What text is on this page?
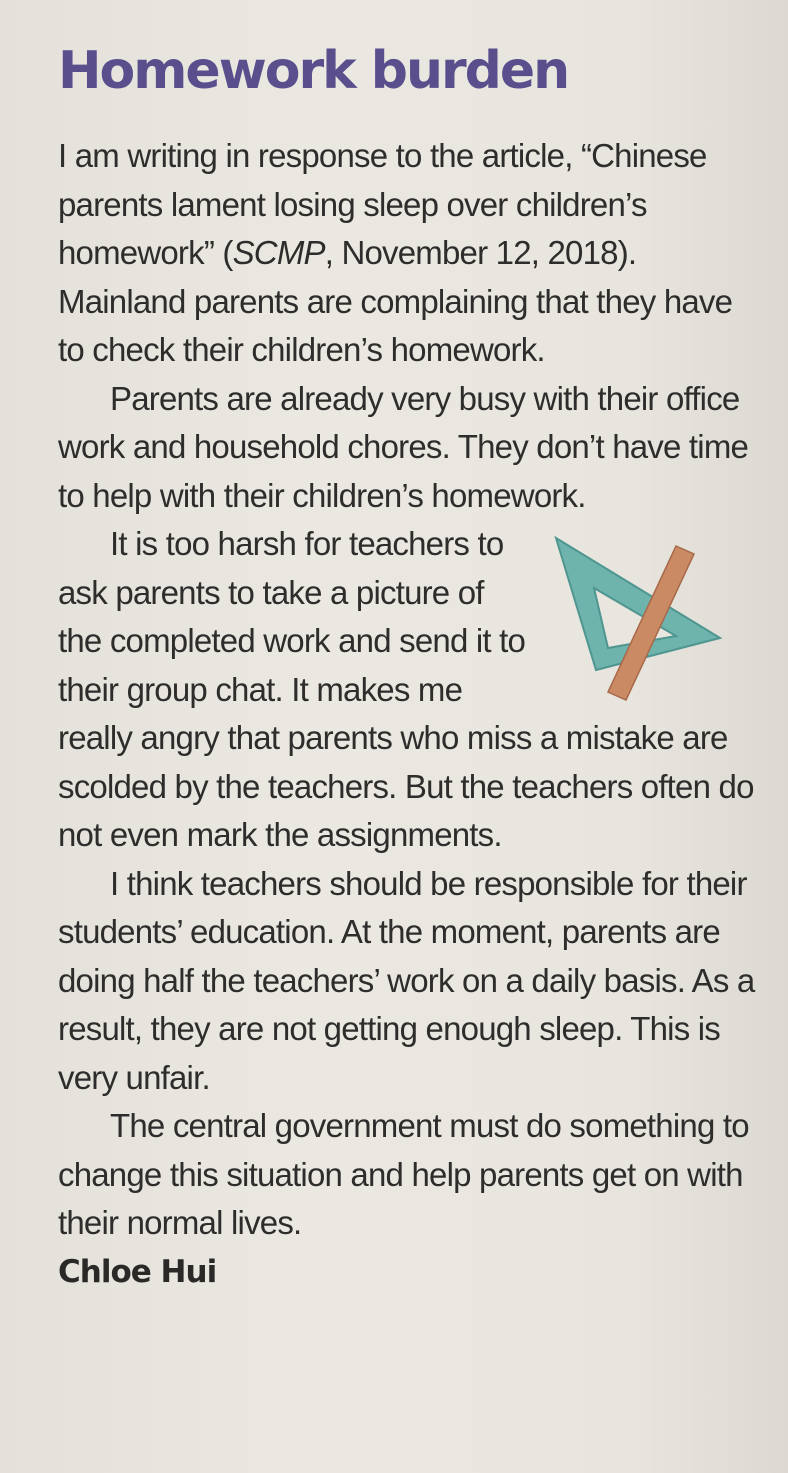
Homework burden

I am writing in response to the article, “Chinese parents lament losing sleep over children’s homework” (SCMP, November 12, 2018). Mainland parents are complaining that they have to check their children’s homework.

Parents are already very busy with their office work and household chores. They don’t have time to help with their children’s homework.

It is too harsh for teachers to ask parents to take a picture of the completed work and send it to their group chat. It makes me really angry that parents who miss a mistake are scolded by the teachers. But the teachers often do not even mark the assignments.

I think teachers should be responsible for their students’ education. At the moment, parents are doing half the teachers’ work on a daily basis. As a result, they are not getting enough sleep. This is very unfair.

The central government must do something to change this situation and help parents get on with their normal lives.

Chloe Hui
